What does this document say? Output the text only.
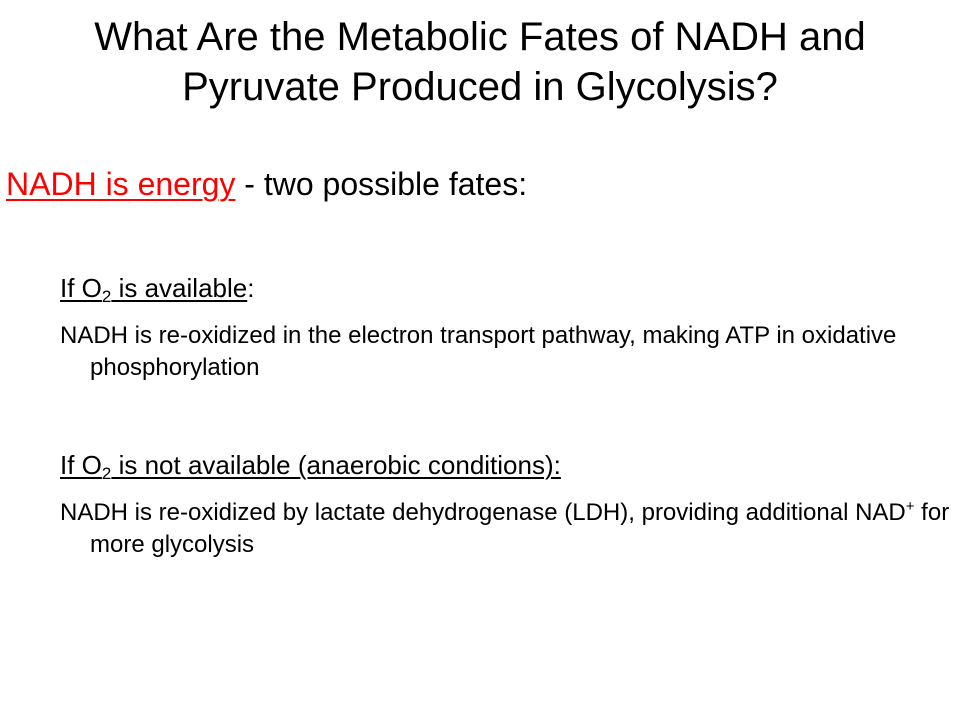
What Are the Metabolic Fates of NADH and
Pyruvate Produced in Glycolysis?
NADH is energy - two possible fates:
If $O_2$ is available:
NADH is re-oxidized in the electron transport pathway, making ATP in oxidative phosphorylation
If $O_2$ is not available (anaerobic conditions):
NADH is re-oxidized by lactate dehydrogenase (LDH), providing additional NAD+ for more glycolysis
